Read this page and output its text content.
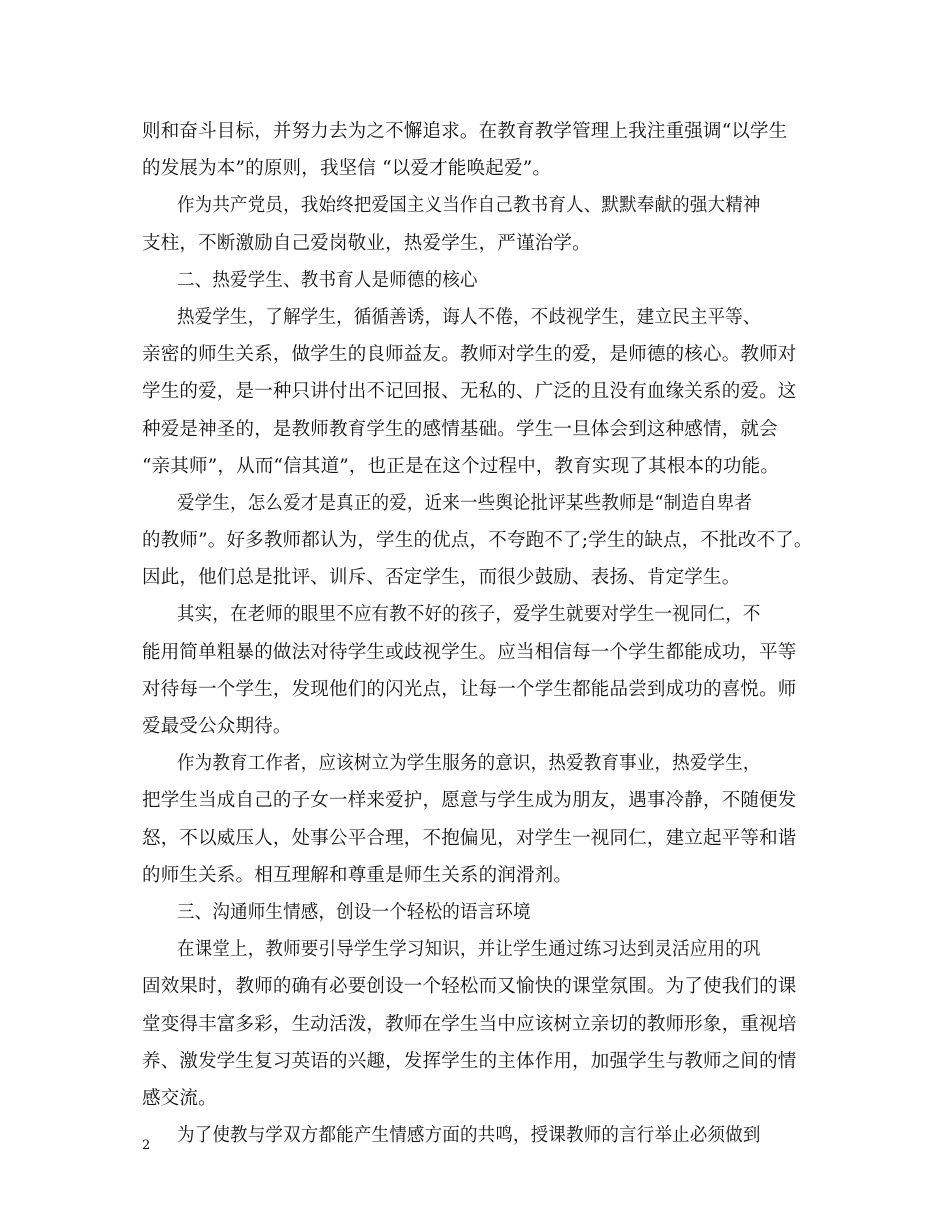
则和奋斗目标，并努力去为之不懈追求。在教育教学管理上我注重强调“以学生
的发展为本”的原则，我坚信 “以爱才能唤起爱”。
作为共产党员，我始终把爱国主义当作自己教书育人、默默奉献的强大精神
支柱，不断激励自己爱岗敬业，热爱学生，严谨治学。
二、热爱学生、教书育人是师德的核心
热爱学生，了解学生，循循善诱，诲人不倦，不歧视学生，建立民主平等、
亲密的师生关系，做学生的良师益友。教师对学生的爱，是师德的核心。教师对
学生的爱，是一种只讲付出不记回报、无私的、广泛的且没有血缘关系的爱。这
种爱是神圣的，是教师教育学生的感情基础。学生一旦体会到这种感情，就会
“亲其师”，从而“信其道”，也正是在这个过程中，教育实现了其根本的功能。
爱学生，怎么爱才是真正的爱，近来一些舆论批评某些教师是“制造自卑者
的教师”。好多教师都认为，学生的优点，不夸跑不了;学生的缺点，不批改不了。
因此，他们总是批评、训斥、否定学生，而很少鼓励、表扬、肯定学生。
其实，在老师的眼里不应有教不好的孩子，爱学生就要对学生一视同仁，不
能用简单粗暴的做法对待学生或歧视学生。应当相信每一个学生都能成功，平等
对待每一个学生，发现他们的闪光点，让每一个学生都能品尝到成功的喜悦。师
爱最受公众期待。
作为教育工作者，应该树立为学生服务的意识，热爱教育事业，热爱学生，
把学生当成自己的子女一样来爱护，愿意与学生成为朋友，遇事冷静，不随便发
怒，不以威压人，处事公平合理，不抱偏见，对学生一视同仁，建立起平等和谐
的师生关系。相互理解和尊重是师生关系的润滑剂。
三、沟通师生情感，创设一个轻松的语言环境
在课堂上，教师要引导学生学习知识，并让学生通过练习达到灵活应用的巩
固效果时，教师的确有必要创设一个轻松而又愉快的课堂氛围。为了使我们的课
堂变得丰富多彩，生动活泼，教师在学生当中应该树立亲切的教师形象，重视培
养、激发学生复习英语的兴趣，发挥学生的主体作用，加强学生与教师之间的情
感交流。
为了使教与学双方都能产生情感方面的共鸣，授课教师的言行举止必须做到
2
